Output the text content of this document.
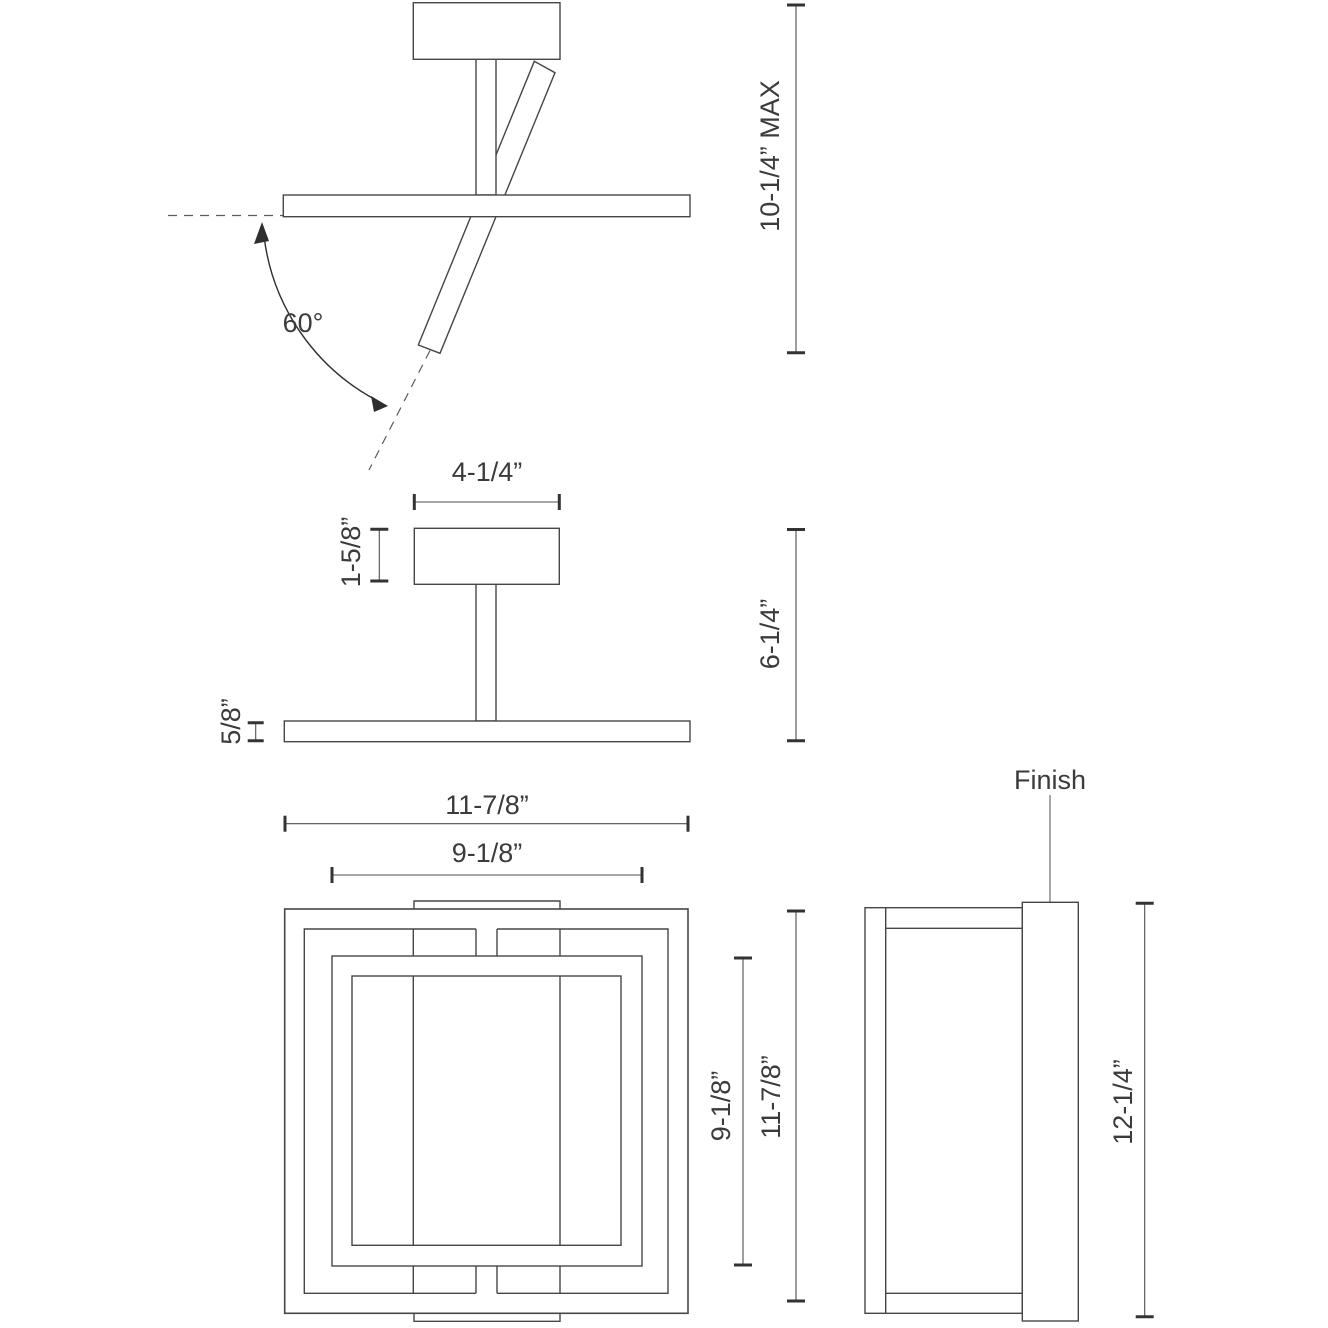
60°
10-1/4” MAX
4-1/4”
1-5/8”
5/8”
6-1/4”
11-7/8”
9-1/8”
9-1/8” 11-7/8”
Finish
12-1/4”
